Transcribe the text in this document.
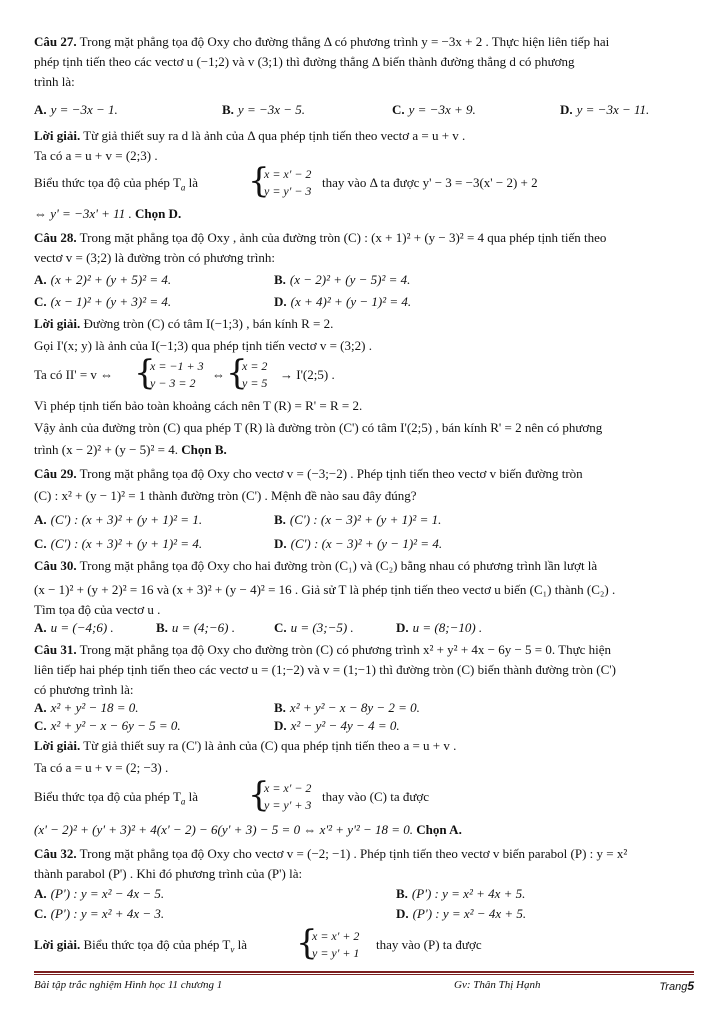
Câu 27. Trong mặt phẳng tọa độ Oxy cho đường thẳng Δ có phương trình y = −3x + 2 . Thực hiện liên tiếp hai
phép tịnh tiến theo các vectơ u (−1;2) và v (3;1) thì đường thẳng Δ biến thành đường thẳng d có phương
trình là:
A. y = −3x − 1.	B. y = −3x − 5.	C. y = −3x + 9.	D. y = −3x − 11.
Lời giải. Từ giả thiết suy ra d là ảnh của Δ qua phép tịnh tiến theo vectơ a = u + v .
Ta có a = u + v = (2;3) .
Biểu thức tọa độ của phép $T_a$ là {
x = x' − 2
y = y' − 3
thay vào Δ ta được y' − 3 = −3(x' − 2) + 2
⇔ y' = −3x' + 11 . Chọn D.
Câu 28. Trong mặt phẳng tọa độ Oxy , ảnh của đường tròn (C) : (x + 1)² + (y − 3)² = 4 qua phép tịnh tiến theo
vectơ v = (3;2) là đường tròn có phương trình:
A. (x + 2)² + (y + 5)² = 4.	B. (x − 2)² + (y − 5)² = 4.
C. (x − 1)² + (y + 3)² = 4.	D. (x + 4)² + (y − 1)² = 4.
Lời giải. Đường tròn (C) có tâm I(−1;3) , bán kính R = 2.
Gọi I'(x; y) là ảnh của I(−1;3) qua phép tịnh tiến vectơ v = (3;2) .
Ta có II' = v ⇔ {
x = −1 + 3
y − 3 = 2
⇔ {
x = 2
y = 5
→ I'(2;5) .
Vì phép tịnh tiến bảo toàn khoảng cách nên T (R) = R' = R = 2.
Vậy ảnh của đường tròn (C) qua phép T (R) là đường tròn (C') có tâm I'(2;5) , bán kính R' = 2 nên có phương
trình (x − 2)² + (y − 5)² = 4. Chọn B.
Câu 29. Trong mặt phẳng tọa độ Oxy cho vectơ v = (−3;−2) . Phép tịnh tiến theo vectơ v biến đường tròn
(C) : x² + (y − 1)² = 1 thành đường tròn (C') . Mệnh đề nào sau đây đúng?
A. (C') : (x + 3)² + (y + 1)² = 1.	B. (C') : (x − 3)² + (y + 1)² = 1.
C. (C') : (x + 3)² + (y + 1)² = 4.	D. (C') : (x − 3)² + (y − 1)² = 4.
Câu 30. Trong mặt phẳng tọa độ Oxy cho hai đường tròn (C₁) và (C₂) bằng nhau có phương trình lần lượt là
(x − 1)² + (y + 2)² = 16 và (x + 3)² + (y − 4)² = 16 . Giả sử T là phép tịnh tiến theo vectơ u biến (C₁) thành (C₂) .
Tìm tọa độ của vectơ u .
A. u = (−4;6) .	B. u = (4;−6) .	C. u = (3;−5) .	D. u = (8;−10) .
Câu 31. Trong mặt phẳng tọa độ Oxy cho đường tròn (C) có phương trình x² + y² + 4x − 6y − 5 = 0. Thực hiện
liên tiếp hai phép tịnh tiến theo các vectơ u = (1;−2) và v = (1;−1) thì đường tròn (C) biến thành đường tròn (C')
có phương trình là:
A. x² + y² − 18 = 0.	B. x² + y² − x − 8y − 2 = 0.
C. x² + y² − x − 6y − 5 = 0.	D. x² − y² − 4y − 4 = 0.
Lời giải. Từ giả thiết suy ra (C') là ảnh của (C) qua phép tịnh tiến theo a = u + v .
Ta có a = u + v = (2; −3) .
Biểu thức tọa độ của phép $T_a$ là {
x = x' − 2
y = y' + 3
thay vào (C) ta được
(x' − 2)² + (y' + 3)² + 4(x' − 2) − 6(y' + 3) − 5 = 0 ⇔ x'² + y'² − 18 = 0. Chọn A.
Câu 32. Trong mặt phẳng tọa độ Oxy cho vectơ v = (−2; −1) . Phép tịnh tiến theo vectơ v biến parabol (P) : y = x²
thành parabol (P') . Khi đó phương trình của (P') là:
A. (P') : y = x² − 4x − 5.	B. (P') : y = x² + 4x + 5.
C. (P') : y = x² + 4x − 3.	D. (P') : y = x² − 4x + 5.
Lời giải. Biểu thức tọa độ của phép $T_v$ là {
x = x' + 2
y = y' + 1
thay vào (P) ta được
Bài tập trắc nghiệm Hình học 11 chương 1	Gv: Thân Thị Hạnh	Trang5
